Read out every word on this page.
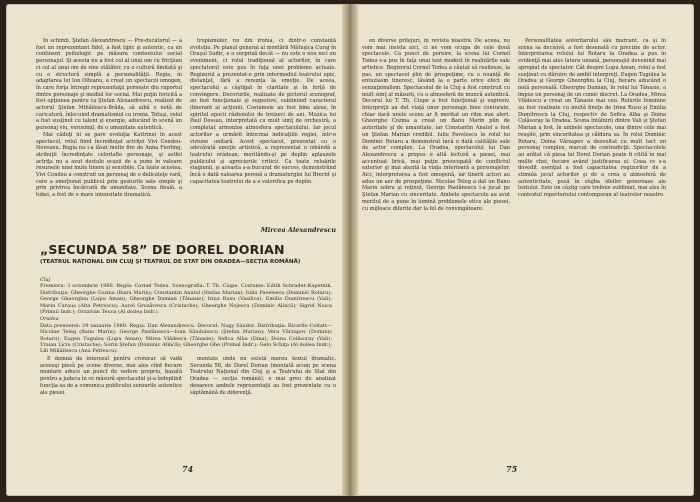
În schimb, Ştefan Alexandrescu — Pre-ducătorul — a fost un reprezentant fidel, a fost tipic şi autentic, ca un continent psihologic pe măsura contextului social personajul. Şi acesta nu a fost cel al unui om cu fricţiuni ci cel al unui om de sine stătător, cu o cultură limitată şi cu o structură simplă a personalităţii. Regia, în adaptarea lui Ion Olteanu, a creat un spectacol omogen, în care forţa întregii reprezentaţii porneşte din raportul dintre personaje şi mediul lor social. Mai puţin fericită a fost opţiunea pentru ca Ştefan Alexandrescu, realizat de actorul Ştefan Mihăilescu-Brăila, să aibă o notă de caricatură, înlocuind dramatismul cu ironia. Totuşi, rolul a fost susţinut cu talent şi energie, aducând în scenă un personaj viu, verosimil, de o umanitate autentică.

Mai căduţi ni se pare evoluţia Kattrinei în acest spectacol, rolul fiind încredinţat actriţei Vivi Condeu-Noveanu. Regia nu i-a lăsat multe fire de Anna Fierling, atribuţii încredinţate celorlalte personaje, şi astfel actriţa nu a avut destule ocazii de a pune în valoare resursele unei mute tinere şi sensibile. Cu toate acestea, Vivi Condeu a construit un personaj de o delicateţe rară, care a emoţionat publicul prin gesturile sale simple şi prin privirea încărcată de umanitate. Scena finală, a tobei, a fost de o mare intensitate dramatică.

tropismelor, nu din ironia, ci dintr-o constantă evoluţie. Pe planul general al montării Mătuşica Curaj în Oraşul Sudic, e o surpriză decât — nu este o nou nici un eveniment, ci rolul tradiţional al actorilor, în care spectatorul este pus în faţa unei probleme actuale. Regizorul a prezentat-o prin intermediul teatrului epic, distanţat, fără a renunţa la emoţie. De aceea, spectacolul a câştigat în claritate şi în forţă de convingere. Decorurile, realizate de pictorul scenograf, au fost funcţionale şi sugestive, subliniind caracterul itinerant al acţiunii. Costumele au fost bine alese, în spiritul epocii războiului de treizeci de ani. Muzica lui Paul Dessau, interpretată cu mult simţ de orchestră, a completat armonios atmosfera spectacolului. Iar jocul actorilor a urmărit întocmai indicaţiile regiei, într-o viziune unitară. Acest spectacol, prezentat cu o adevărată emoţie artistică, a reprezentat o izbândă a teatrului orădean, meritându-şi pe deplin aplauzele publicului şi aprecierile criticii. Ca toate reluările stagiunii, şi aceasta s-a bucurat de succes, demonstrând încă o dată valoarea perenă a dramaturgiei lui Brecht şi capacitatea teatrului de a o valorifica pe deplin.

Mircea Alexandrescu
„SECUNDA 58” DE DOREL DORIAN
(TEATRUL NAŢIONAL DIN CLUJ ŞI TEATRUL DE STAT DIN ORADEA—SECŢIA ROMÂNĂ)
Cluj

Premiera: 3 octombrie 1960. Regia: Cornel Todea. Scenografia: T. Th. Ciupe. Costume: Edith Schrader-Kapetnik. Distribuţia: Gheorghe Cozma (Banu Marin); Constantin Anatol (Stefan Marian); Iuliu Pavelescu (Dominic Rotaru); George Gheorghiu (Lupu Aman); Gheorghe Damian (Tănasie); Irina Rusu (Vasilica); Emilia Dumitrescu (Vali); Marin Caraus (Alta Petrescu); Aurel Grozăvescu (Cristache); Gheorghe Nojescu (Dominic Alincă); Sigrid Noica (Primul Indr.); Octavian Teuca (Al doilea Indr.).

Oradea

Data premierei: 29 ianuarie 1960. Regia: Dan Alexandrescu. Decorul: Nagy Sándor. Distribuţia: Ricardo Coltatt—Nicolae Teleg (Banu Marin); George Paelănescu—Ioan Sândulescu (Ştefan Marian); Vera Vărzapov (Dominic Rotaru); Eugen Tugulea (Lupu Aman); Mirea Vlădescu (Tănasie); Sofica Alba (Dina); Doina Colăsoray (Vali); Traian Liciu (Cristache); Sorin Ştefan (Dominic Alincă); Gheorghe Ghe (Primul Indr.); Gelu Schiţa (Al doilea Indr.); Lili Mihăilescu (Ana Petrescu).

E demnă de interesul pentru cronicar să vadă aceeaşi piesă pe scene diverse, mai ales cînd fiecare montare aduce un punct de vedere propriu, bazată pentru a judeca în ce măsură spectacolul şi-a îndeplinit funcţia sa de a comunica publicului sensurile autentice ale piesei.

montate unde nu există mereu textul dramatic. Secunda 58, de Dorel Dorian (montată acum pe scena Teatrului Naţional din Cluj şi a Teatrului de Stat din Oradea — secţia română), e mai greu de analizat deoarece ambele reprezentaţii au fost prezentate cu o săptămână de diferenţă.

74

en diverse prilejuri, în revista noastră. De aceea, nu vom mai insista aici, ci ne vom ocupa de cele două spectacole. Ca punct de pornire, la scena lui Cornel Todea s-a pus în faţa unui text modest în realizările sale artistice. Regizorul Cornel Todea a căutat să realizeze, la pas, un spectacol plin de prospeţime, cu o nuanţă de entuziasm tineresc, lăsând la o parte orice efect de senzaţionalism. Spectacolul de la Cluj a fost construit cu mult simţ al măsurii, cu o atmosferă de muncă autentică. Decorul lui T. Th. Ciupe a fost funcţional şi expresiv. Interpreţii au dat viaţă unor personaje bine conturate, chiar dacă unele scene ar fi meritat un ritm mai alert. Gheorghe Cozma a creat un Banu Marin plin de autoritate şi de umanitate, iar Constantin Anatol a fost un Ştefan Marian credibil. Iuliu Pavelescu în rolul lui Dominic Rotaru a demonstrat încă o dată calităţile sale de actor complex. La Oradea, spectacolul lui Dan Alexandrescu a propus o altă lectură a piesei, mai accentuat lirică, mai puţin preocupată de conflictul exterior şi mai atentă la viaţa interioară a personajelor. Aici, interpretarea a fost omogenă, iar tinerii actori au adus un aer de prospeţime. Nicolae Teleg a dat un Banu Marin sobru şi reţinut, George Paelănescu l-a jucat pe Ştefan Marian cu sinceritate. Ambele spectacole au avut meritul de a pune în lumină problemele etice ale piesei, cu mijloace diferite dar la fel de convingătoare.

Personalitatea autoritarului său marcant, ca şi în scena sa decisivă, a fost desenată cu precizie de actor. Interpretarea rolului lui Rotaru la Oradea a pus în evidenţă mai ales latura umană, personajul devenind mai apropiat de spectator. Cât despre Lupu Aman, rolul a fost susţinut cu dăruire de ambii interpreţi, Eugen Tugulea la Oradea şi George Gheorghiu la Cluj, fiecare aducând o notă personală. Gheorghe Damian, în rolul lui Tănasie, a impus un personaj de un comic discret. La Oradea, Mirea Vlădescu a creat un Tănasie mai vioi. Rolurile feminine au fost realizate cu multă fineţe de Irina Rusu şi Emilia Dumitrescu la Cluj, respectiv de Sofica Alba şi Doina Colăsoray la Oradea. Scena întâlnirii dintre Vali şi Ştefan Marian a fost, în ambele spectacole, una dintre cele mai reuşite, prin sinceritatea şi căldura sa. În rolul Dominic Rotaru, Doina Vărzapov a dezvoltat cu mult tact un personaj complex, marcat de contradicţii. Spectacolele au arătat că piesa lui Dorel Dorian poate fi citită în mai multe chei, fiecare având justificarea ei. Ceea ce s-a dovedit esenţial a fost capacitatea regizorilor de a stimula jocul actorilor şi de a crea o atmosferă de autenticitate, pusă în slujba ideilor generoase ale textului. Este un câştig care trebuie subliniat, mai ales în contextul repertoriului contemporan al teatrelor noastre.

75
